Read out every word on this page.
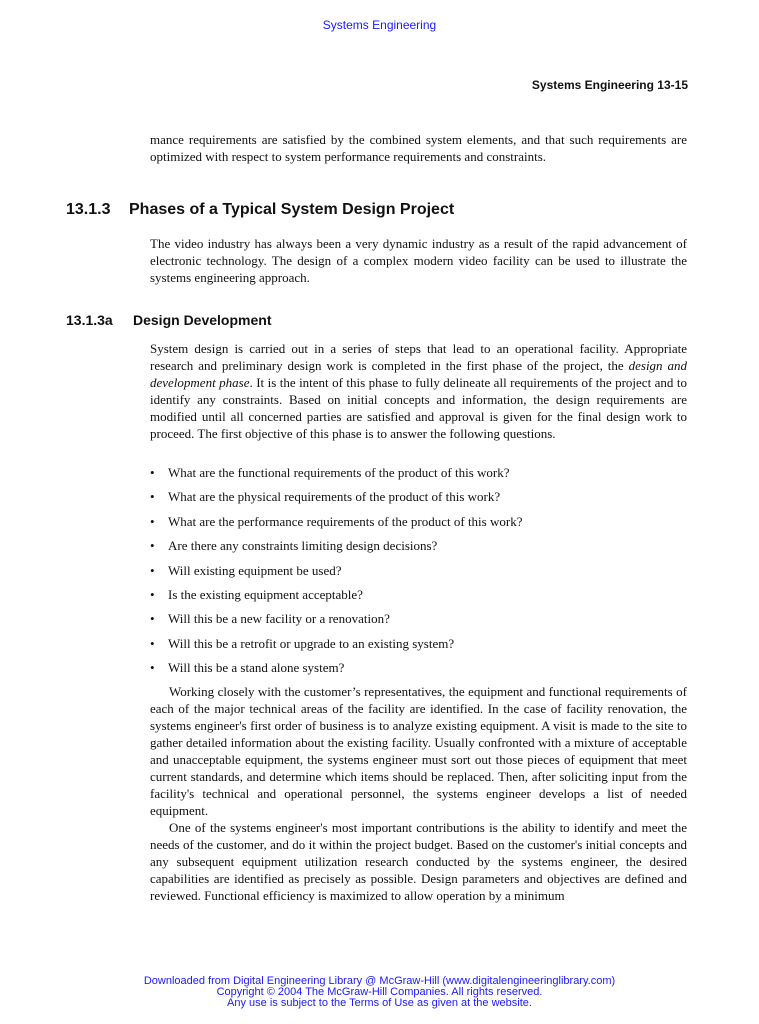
Systems Engineering
Systems Engineering 13-15

mance requirements are satisfied by the combined system elements, and that such requirements are optimized with respect to system performance requirements and constraints.

13.1.3 Phases of a Typical System Design Project

The video industry has always been a very dynamic industry as a result of the rapid advancement of electronic technology. The design of a complex modern video facility can be used to illustrate the systems engineering approach.

13.1.3a Design Development

System design is carried out in a series of steps that lead to an operational facility. Appropriate research and preliminary design work is completed in the first phase of the project, the design and development phase. It is the intent of this phase to fully delineate all requirements of the project and to identify any constraints. Based on initial concepts and information, the design requirements are modified until all concerned parties are satisfied and approval is given for the final design work to proceed. The first objective of this phase is to answer the following questions.

• What are the functional requirements of the product of this work?
• What are the physical requirements of the product of this work?
• What are the performance requirements of the product of this work?
• Are there any constraints limiting design decisions?
• Will existing equipment be used?
• Is the existing equipment acceptable?
• Will this be a new facility or a renovation?
• Will this be a retrofit or upgrade to an existing system?
• Will this be a stand alone system?

Working closely with the customer’s representatives, the equipment and functional requirements of each of the major technical areas of the facility are identified. In the case of facility renovation, the systems engineer's first order of business is to analyze existing equipment. A visit is made to the site to gather detailed information about the existing facility. Usually confronted with a mixture of acceptable and unacceptable equipment, the systems engineer must sort out those pieces of equipment that meet current standards, and determine which items should be replaced. Then, after soliciting input from the facility's technical and operational personnel, the systems engineer develops a list of needed equipment.

One of the systems engineer's most important contributions is the ability to identify and meet the needs of the customer, and do it within the project budget. Based on the customer's initial concepts and any subsequent equipment utilization research conducted by the systems engineer, the desired capabilities are identified as precisely as possible. Design parameters and objectives are defined and reviewed. Functional efficiency is maximized to allow operation by a minimum

Downloaded from Digital Engineering Library @ McGraw-Hill (www.digitalengineeringlibrary.com)
Copyright © 2004 The McGraw-Hill Companies. All rights reserved.
Any use is subject to the Terms of Use as given at the website.
